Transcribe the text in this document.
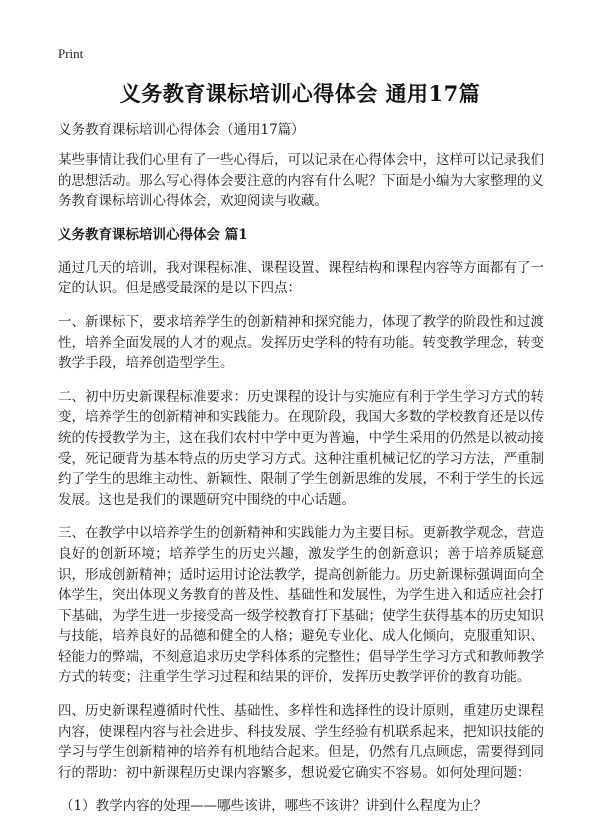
Print
义务教育课标培训心得体会 通用17篇

义务教育课标培训心得体会（通用17篇）

某些事情让我们心里有了一些心得后，可以记录在心得体会中，这样可以记录我们的思想活动。那么写心得体会要注意的内容有什么呢？下面是小编为大家整理的义务教育课标培训心得体会，欢迎阅读与收藏。

义务教育课标培训心得体会 篇1

通过几天的培训，我对课程标准、课程设置、课程结构和课程内容等方面都有了一定的认识。但是感受最深的是以下四点：

一、新课标下，要求培养学生的创新精神和探究能力，体现了教学的阶段性和过渡性，培养全面发展的人才的观点。发挥历史学科的特有功能。转变教学理念，转变教学手段，培养创造型学生。

二、初中历史新课程标准要求：历史课程的设计与实施应有利于学生学习方式的转变，培养学生的创新精神和实践能力。在现阶段，我国大多数的学校教育还是以传统的传授教学为主，这在我们农村中学中更为普遍，中学生采用的仍然是以被动接受，死记硬背为基本特点的历史学习方式。这种注重机械记忆的学习方法，严重制约了学生的思维主动性、新颖性、限制了学生创新思维的发展，不利于学生的长远发展。这也是我们的课题研究中围绕的中心话题。

三、在教学中以培养学生的创新精神和实践能力为主要目标。更新教学观念，营造良好的创新环境；培养学生的历史兴趣，激发学生的创新意识；善于培养质疑意识，形成创新精神；适时运用讨论法教学，提高创新能力。历史新课标强调面向全体学生，突出体现义务教育的普及性、基础性和发展性，为学生进入和适应社会打下基础，为学生进一步接受高一级学校教育打下基础；使学生获得基本的历史知识与技能，培养良好的品德和健全的人格；避免专业化、成人化倾向，克服重知识、轻能力的弊端，不刻意追求历史学科体系的完整性；倡导学生学习方式和教师教学方式的转变；注重学生学习过程和结果的评价，发挥历史教学评价的教育功能。

四、历史新课程遵循时代性、基础性、多样性和选择性的设计原则，重建历史课程内容，使课程内容与社会进步、科技发展、学生经验有机联系起来，把知识技能的学习与学生创新精神的培养有机地结合起来。但是，仍然有几点顾虑，需要得到同行的帮助：初中新课程历史课内容繁多，想说爱它确实不容易。如何处理问题：

（1）教学内容的处理——哪些该讲，哪些不该讲？讲到什么程度为止？
